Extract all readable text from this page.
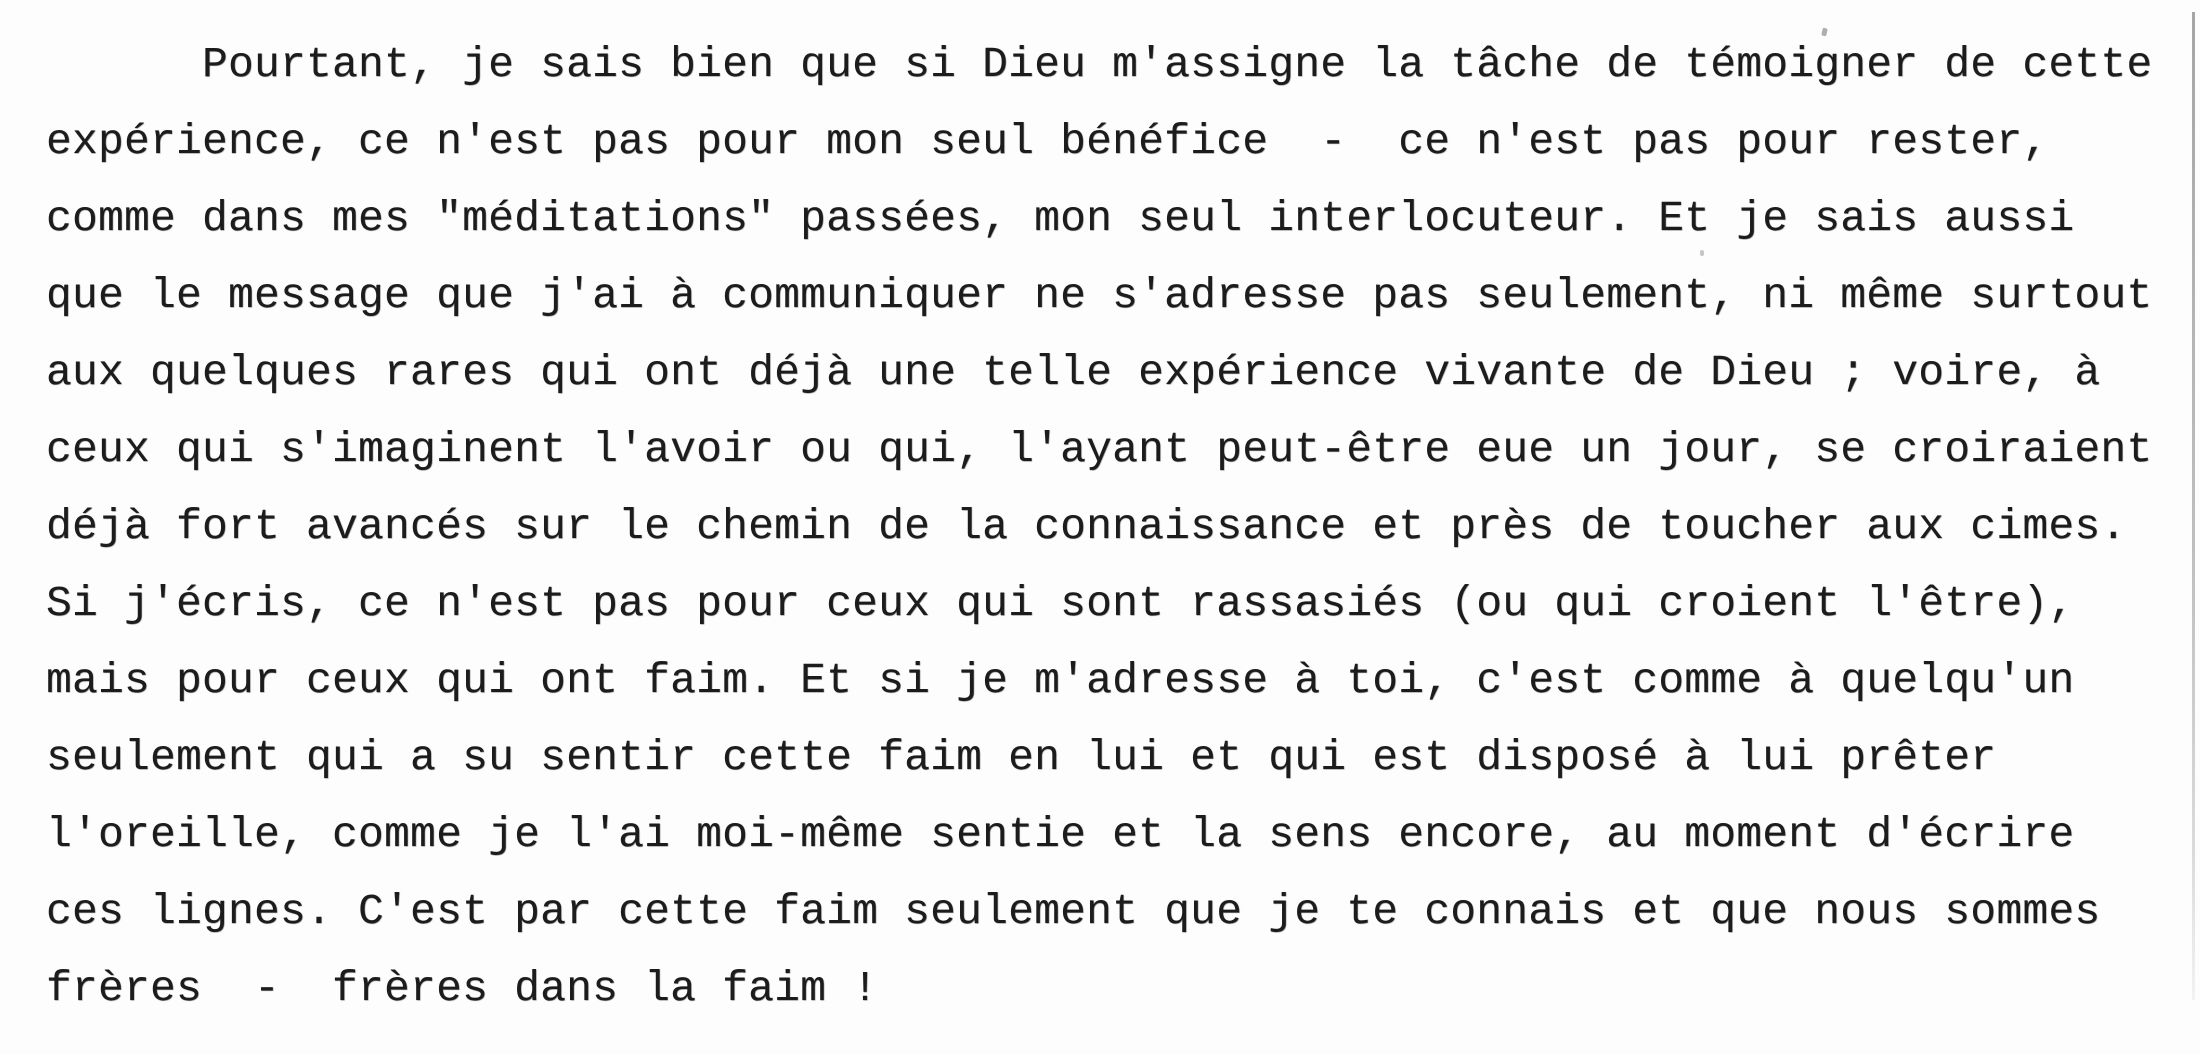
Pourtant, je sais bien que si Dieu m'assigne la tâche de témoigner de cette
expérience, ce n'est pas pour mon seul bénéfice  -  ce n'est pas pour rester,
comme dans mes "méditations" passées, mon seul interlocuteur. Et je sais aussi
que le message que j'ai à communiquer ne s'adresse pas seulement, ni même surtout
aux quelques rares qui ont déjà une telle expérience vivante de Dieu ; voire, à
ceux qui s'imaginent l'avoir ou qui, l'ayant peut-être eue un jour, se croiraient
déjà fort avancés sur le chemin de la connaissance et près de toucher aux cimes.
Si j'écris, ce n'est pas pour ceux qui sont rassasiés (ou qui croient l'être),
mais pour ceux qui ont faim. Et si je m'adresse à toi, c'est comme à quelqu'un
seulement qui a su sentir cette faim en lui et qui est disposé à lui prêter
l'oreille, comme je l'ai moi-même sentie et la sens encore, au moment d'écrire
ces lignes. C'est par cette faim seulement que je te connais et que nous sommes
frères  -  frères dans la faim !
